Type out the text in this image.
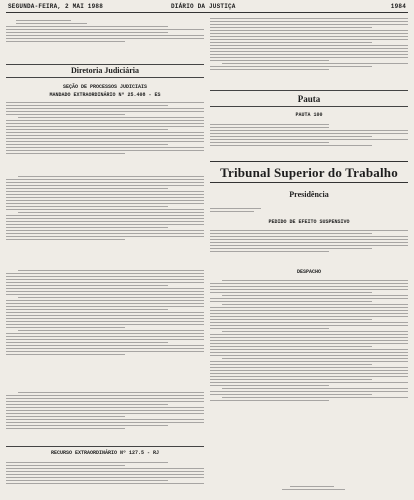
SEGUNDA-FEIRA, 2 MAI 1988	DIÁRIO DA JUSTIÇA	1984
Diretoria Judiciária
SEÇÃO DE PROCESSOS JUDICIAIS
MANDADO EXTRAORDINÁRIO Nº 25.408 - ES
RECURSO EXTRAORDINÁRIO Nº 127.5 - RJ
Pauta
PAUTA 100
Tribunal Superior do Trabalho
Presidência
PEDIDO DE EFEITO SUSPENSIVO
DESPACHO
